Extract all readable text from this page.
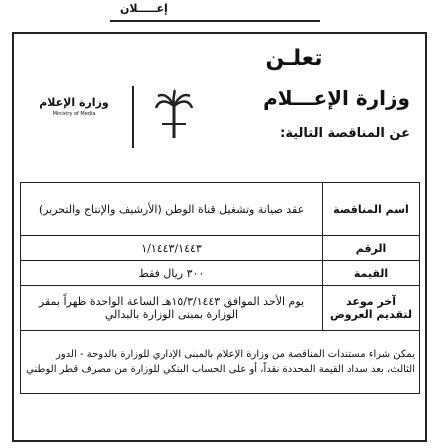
إعـــــلان
تعلـن
وزارة الإعـــلام
عن المناقصة التالية:
وزارة الإعلام
Ministry of Media
اسم المناقصة	عقد صيانة وتشغيل قناة الوطن (الأرشيف والإنتاج والتحرير)
الرقم	١/١٤٤٣/١٤٤٣
القيمة	٣٠٠ ريال فقط
آخر موعد لتقديم العروض	يوم الأحد الموافق ١٥/٣/١٤٤٣هـ الساعة الواحدة ظهراً بمقر الوزارة بمبنى الوزارة بالبدالي
يمكن شراء مستندات المناقصة من وزارة الإعلام بالمبنى الإداري للوزارة بالدوحة - الدور الثالث، بعد سداد القيمة المحددة نقداً، أو على الحساب البنكي للوزارة من مصرف قطر الوطني	
